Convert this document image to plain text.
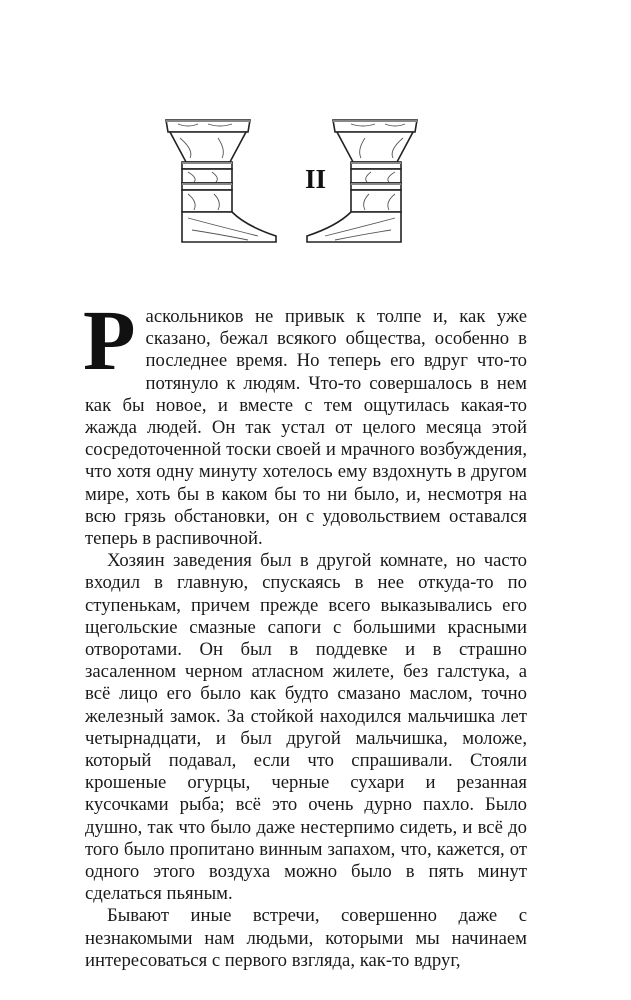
II

Раскольников не привык к толпе и, как уже сказано, бежал всякого общества, особенно в последнее время. Но теперь его вдруг что-то потянуло к людям. Что-то совершалось в нем как бы новое, и вместе с тем ощутилась какая-то жажда людей. Он так устал от целого месяца этой сосредоточенной тоски своей и мрачного возбуждения, что хотя одну минуту хотелось ему вздохнуть в другом мире, хоть бы в каком бы то ни было, и, несмотря на всю грязь обстановки, он с удовольствием оставался теперь в распивочной.

Хозяин заведения был в другой комнате, но часто входил в главную, спускаясь в нее откуда-то по ступенькам, причем прежде всего выказывались его щегольские смазные сапоги с большими красными отворотами. Он был в поддевке и в страшно засаленном черном атласном жилете, без галстука, а всё лицо его было как будто смазано маслом, точно железный замок. За стойкой находился мальчишка лет четырнадцати, и был другой мальчишка, моложе, который подавал, если что спрашивали. Стояли крошеные огурцы, черные сухари и резанная кусочками рыба; всё это очень дурно пахло. Было душно, так что было даже нестерпимо сидеть, и всё до того было пропитано винным запахом, что, кажется, от одного этого воздуха можно было в пять минут сделаться пьяным.

Бывают иные встречи, совершенно даже с незнакомыми нам людьми, которыми мы начинаем интересоваться с первого взгляда, как-то вдруг,
